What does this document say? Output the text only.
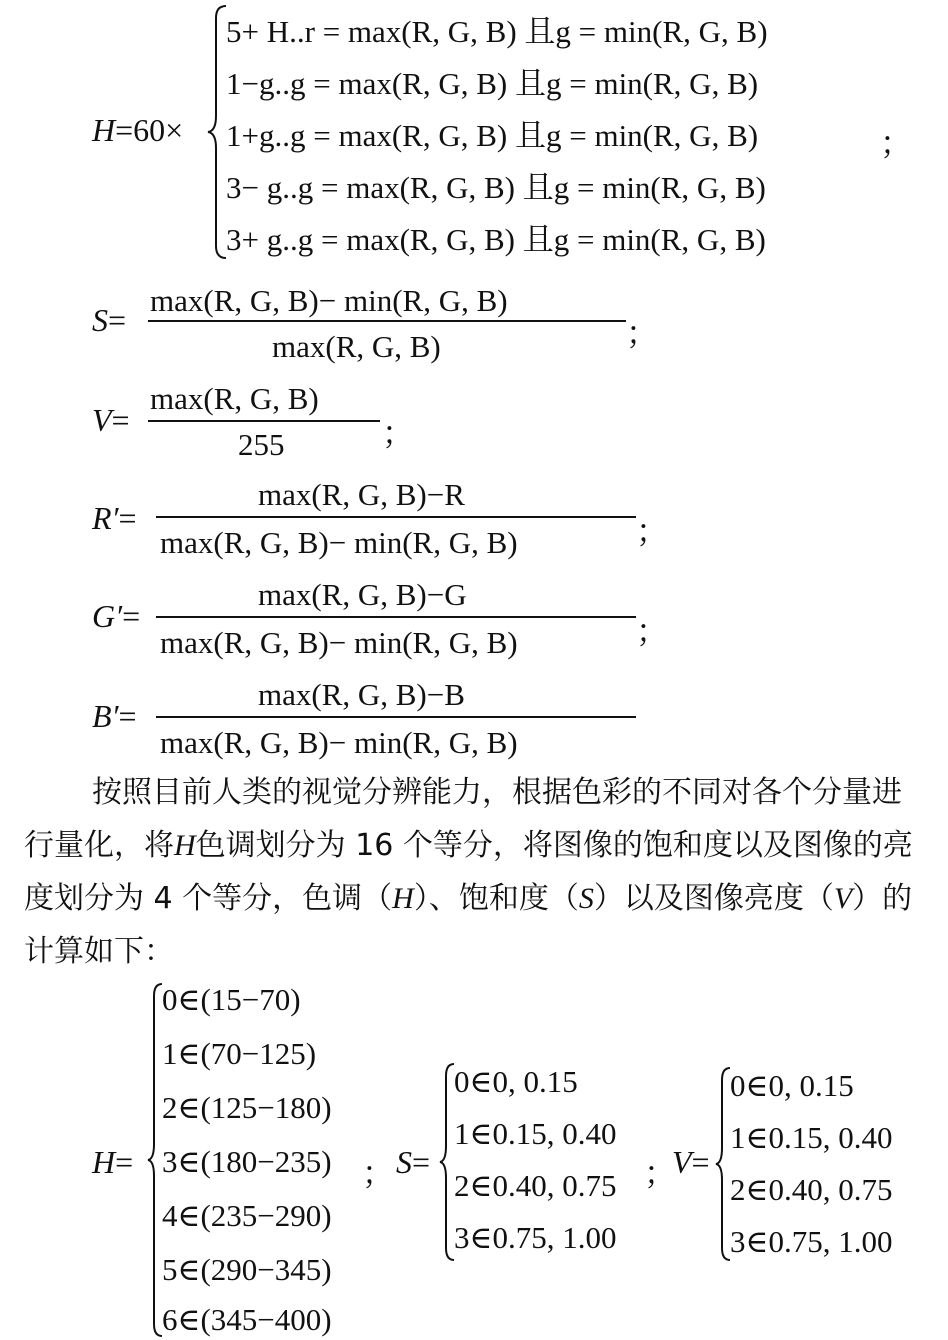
H=60×
5+ H..r = max(R, G, B) 且g = min(R, G, B)
1−g..g = max(R, G, B) 且g = min(R, G, B)
1+g..g = max(R, G, B) 且g = min(R, G, B)
3− g..g = max(R, G, B) 且g = min(R, G, B)
3+ g..g = max(R, G, B) 且g = min(R, G, B)
；
S=
max(R, G, B)− min(R, G, B)
max(R, G, B)	；
V=
max(R, G, B)
255	；
R′=
max(R, G, B)−R
max(R, G, B)− min(R, G, B)	；
G′=
max(R, G, B)−G
max(R, G, B)− min(R, G, B)	；
B′=
max(R, G, B)−B
max(R, G, B)− min(R, G, B)
按照目前人类的视觉分辨能力，根据色彩的不同对各个分量进行量化，将H色调划分为 16 个等分，将图像的饱和度以及图像的亮度划分为 4 个等分，色调（H）、饱和度（S）以及图像亮度（V）的计算如下：
H=
0∈(15−70)
1∈(70−125)
2∈(125−180)
3∈(180−235)
4∈(235−290)
5∈(290−345)
6∈(345−400)
； S=
0∈0, 0.15
1∈0.15, 0.40
2∈0.40, 0.75
3∈0.75, 1.00
；
V=
0∈0, 0.15
1∈0.15, 0.40
2∈0.40, 0.75
3∈0.75, 1.00
